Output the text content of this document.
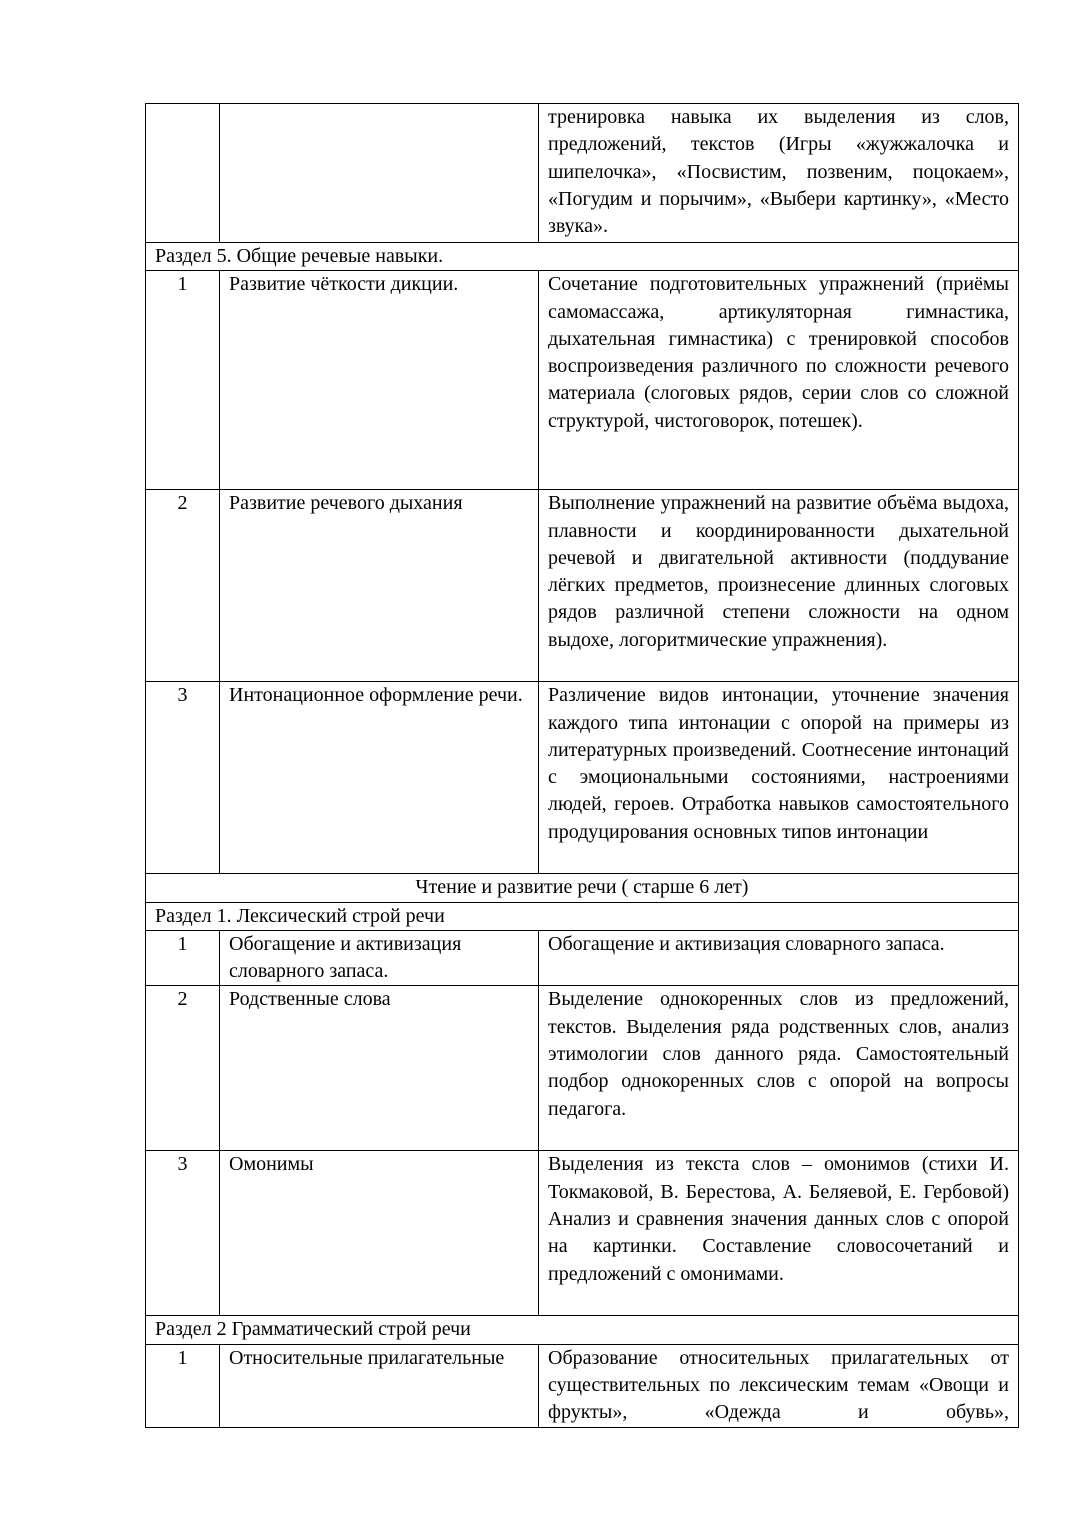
		тренировка навыка их выделения из слов, предложений, текстов (Игры «жужжалочка и шипелочка», «Посвистим, позвеним, поцокаем», «Погудим и порычим», «Выбери картинку», «Место звука».
Раздел 5. Общие речевые навыки.		
1	Развитие чёткости дикции.	Сочетание подготовительных упражнений (приёмы самомассажа, артикуляторная гимнастика, дыхательная гимнастика) с тренировкой способов воспроизведения различного по сложности речевого материала (слоговых рядов, серии слов со сложной структурой, чистоговорок, потешек).
2	Развитие речевого дыхания	Выполнение упражнений на развитие объёма выдоха, плавности и координированности дыхательной речевой и двигательной активности (поддувание лёгких предметов, произнесение длинных слоговых рядов различной степени сложности на одном выдохе, логоритмические упражнения).
3	Интонационное оформление речи.	Различение видов интонации, уточнение значения каждого типа интонации с опорой на примеры из литературных произведений. Соотнесение интонаций с эмоциональными состояниями, настроениями людей, героев. Отработка навыков самостоятельного продуцирования основных типов интонации
Чтение и развитие речи ( старше 6 лет)		
Раздел 1. Лексический строй речи		
1	Обогащение и активизация словарного запаса.	Обогащение и активизация словарного запаса.
2	Родственные слова	Выделение однокоренных слов из предложений, текстов. Выделения ряда родственных слов, анализ этимологии слов данного ряда. Самостоятельный подбор однокоренных слов с опорой на вопросы педагога.
3	Омонимы	Выделения из текста слов – омонимов (стихи И. Токмаковой, В. Берестова, А. Беляевой, Е. Гербовой) Анализ и сравнения значения данных слов с опорой на картинки. Составление словосочетаний и предложений с омонимами.
Раздел 2 Грамматический строй речи		
1	Относительные прилагательные	Образование относительных прилагательных от существительных по лексическим темам «Овощи и фрукты», «Одежда и обувь»,
